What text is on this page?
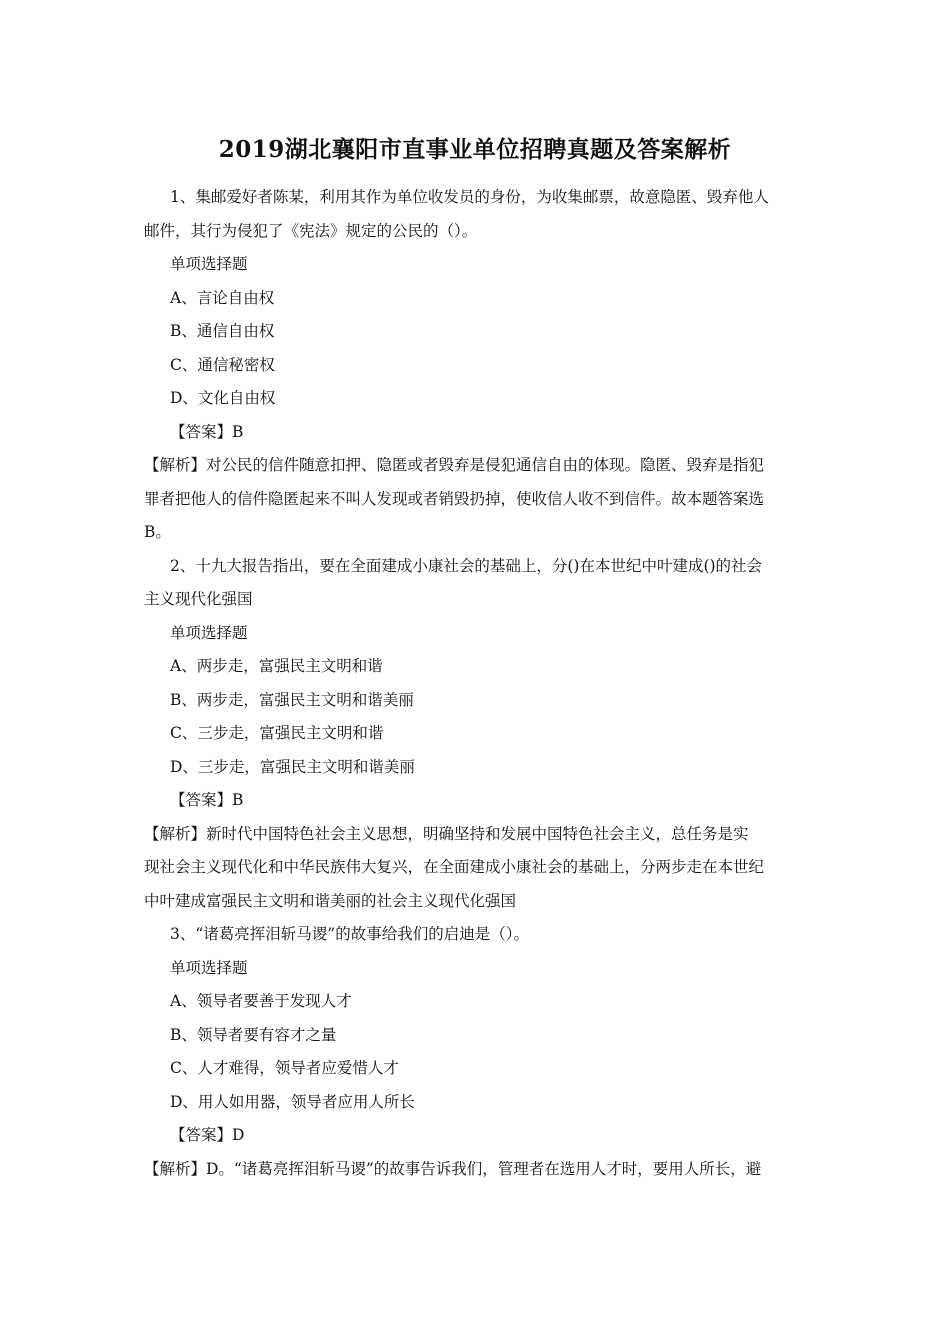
2019湖北襄阳市直事业单位招聘真题及答案解析

1、集邮爱好者陈某，利用其作为单位收发员的身份，为收集邮票，故意隐匿、毁弃他人

邮件，其行为侵犯了《宪法》规定的公民的（）。

单项选择题

A、言论自由权

B、通信自由权

C、通信秘密权

D、文化自由权

【答案】B

【解析】对公民的信件随意扣押、隐匿或者毁弃是侵犯通信自由的体现。隐匿、毁弃是指犯

罪者把他人的信件隐匿起来不叫人发现或者销毁扔掉，使收信人收不到信件。故本题答案选

B。

2、十九大报告指出，要在全面建成小康社会的基础上，分()在本世纪中叶建成()的社会

主义现代化强国

单项选择题

A、两步走，富强民主文明和谐

B、两步走，富强民主文明和谐美丽

C、三步走，富强民主文明和谐

D、三步走，富强民主文明和谐美丽

【答案】B

【解析】新时代中国特色社会主义思想，明确坚持和发展中国特色社会主义，总任务是实

现社会主义现代化和中华民族伟大复兴，在全面建成小康社会的基础上，分两步走在本世纪

中叶建成富强民主文明和谐美丽的社会主义现代化强国

3、“诸葛亮挥泪斩马谡”的故事给我们的启迪是（）。

单项选择题

A、领导者要善于发现人才

B、领导者要有容才之量

C、人才难得，领导者应爱惜人才

D、用人如用器，领导者应用人所长

【答案】D

【解析】D。“诸葛亮挥泪斩马谡”的故事告诉我们，管理者在选用人才时，要用人所长，避
